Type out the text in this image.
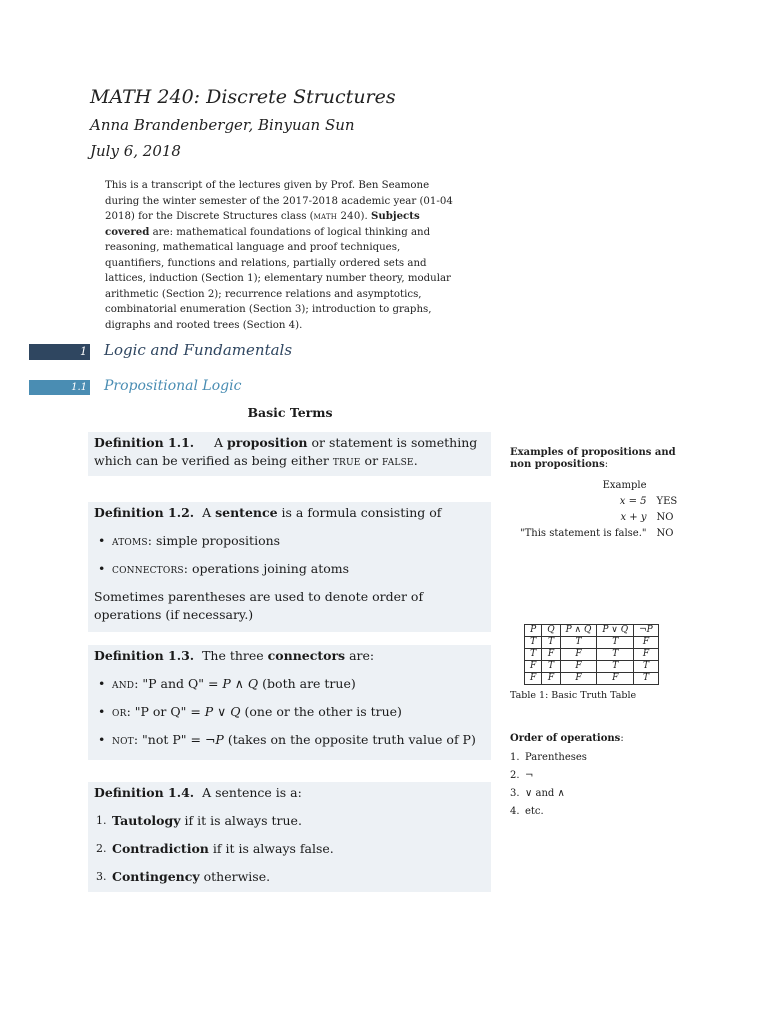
MATH 240: Discrete Structures
Anna Brandenberger, Binyuan Sun
July 6, 2018
This is a transcript of the lectures given by Prof. Ben Seamone during the winter semester of the 2017-2018 academic year (01-04 2018) for the Discrete Structures class (math 240). Subjects covered are: mathematical foundations of logical thinking and reasoning, mathematical language and proof techniques, quantifiers, functions and relations, partially ordered sets and lattices, induction (Section 1); elementary number theory, modular arithmetic (Section 2); recurrence relations and asymptotics, combinatorial enumeration (Section 3); introduction to graphs, digraphs and rooted trees (Section 4).
1 Logic and Fundamentals
1.1 Propositional Logic
Basic Terms

Definition 1.1. A proposition or statement is something which can be verified as being either true or false.

Definition 1.2. A sentence is a formula consisting of

• atoms: simple propositions
• connectors: operations joining atoms

Sometimes parentheses are used to denote order of operations (if necessary.)

Definition 1.3. The three connectors are:

• and: "P and Q" = P ∧ Q (both are true)
• or: "P or Q" = P ∨ Q (one or the other is true)
• not: "not P" = ¬P (takes on the opposite truth value of P)

Definition 1.4. A sentence is a:

1. Tautology if it is always true.
2. Contradiction if it is always false.
3. Contingency otherwise.
Examples of propositions and non propositions:
Example	
x = 5	YES
x + y	NO
"This statement is false."	NO
P	Q	P ∧ Q	P ∨ Q	¬P
T	T	T	T	F
T	F	F	T	F
F	T	F	T	T
F	F	F	F	T
Table 1: Basic Truth Table
Order of operations:
1. Parentheses
2. ¬
3. ∨ and ∧
4. etc.
